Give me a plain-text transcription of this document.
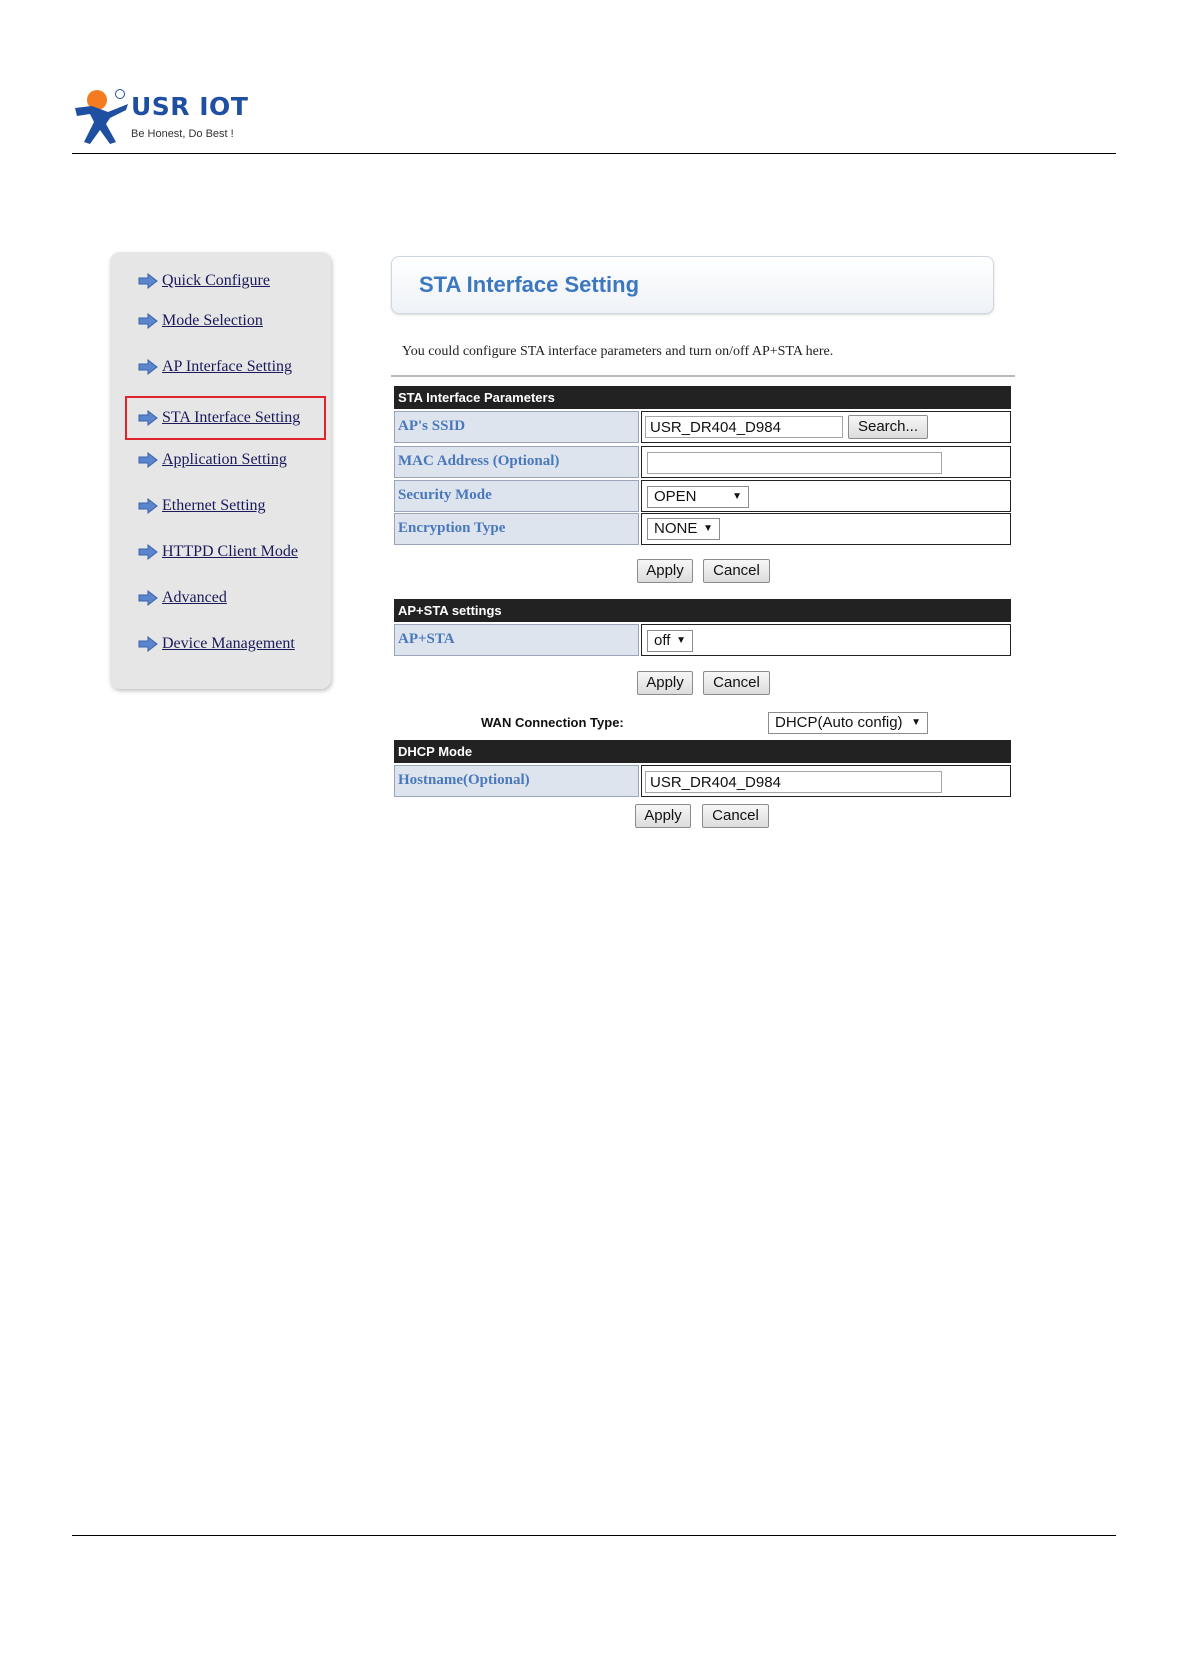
USR IOT
Be Honest, Do Best !
Quick Configure
Mode Selection
AP Interface Setting
STA Interface Setting
Application Setting
Ethernet Setting
HTTPD Client Mode
Advanced
Device Management
STA Interface Setting
You could configure STA interface parameters and turn on/off AP+STA here.
STA Interface Parameters
AP's SSID	USR_DR404_D984	Search...
MAC Address (Optional)
Security Mode	OPEN	▼
Encryption Type	NONE ▼
Apply	Cancel
AP+STA settings
AP+STA	off ▼
Apply	Cancel
WAN Connection Type:	DHCP(Auto config) ▼
DHCP Mode
Hostname(Optional)	USR_DR404_D984
Apply	Cancel
